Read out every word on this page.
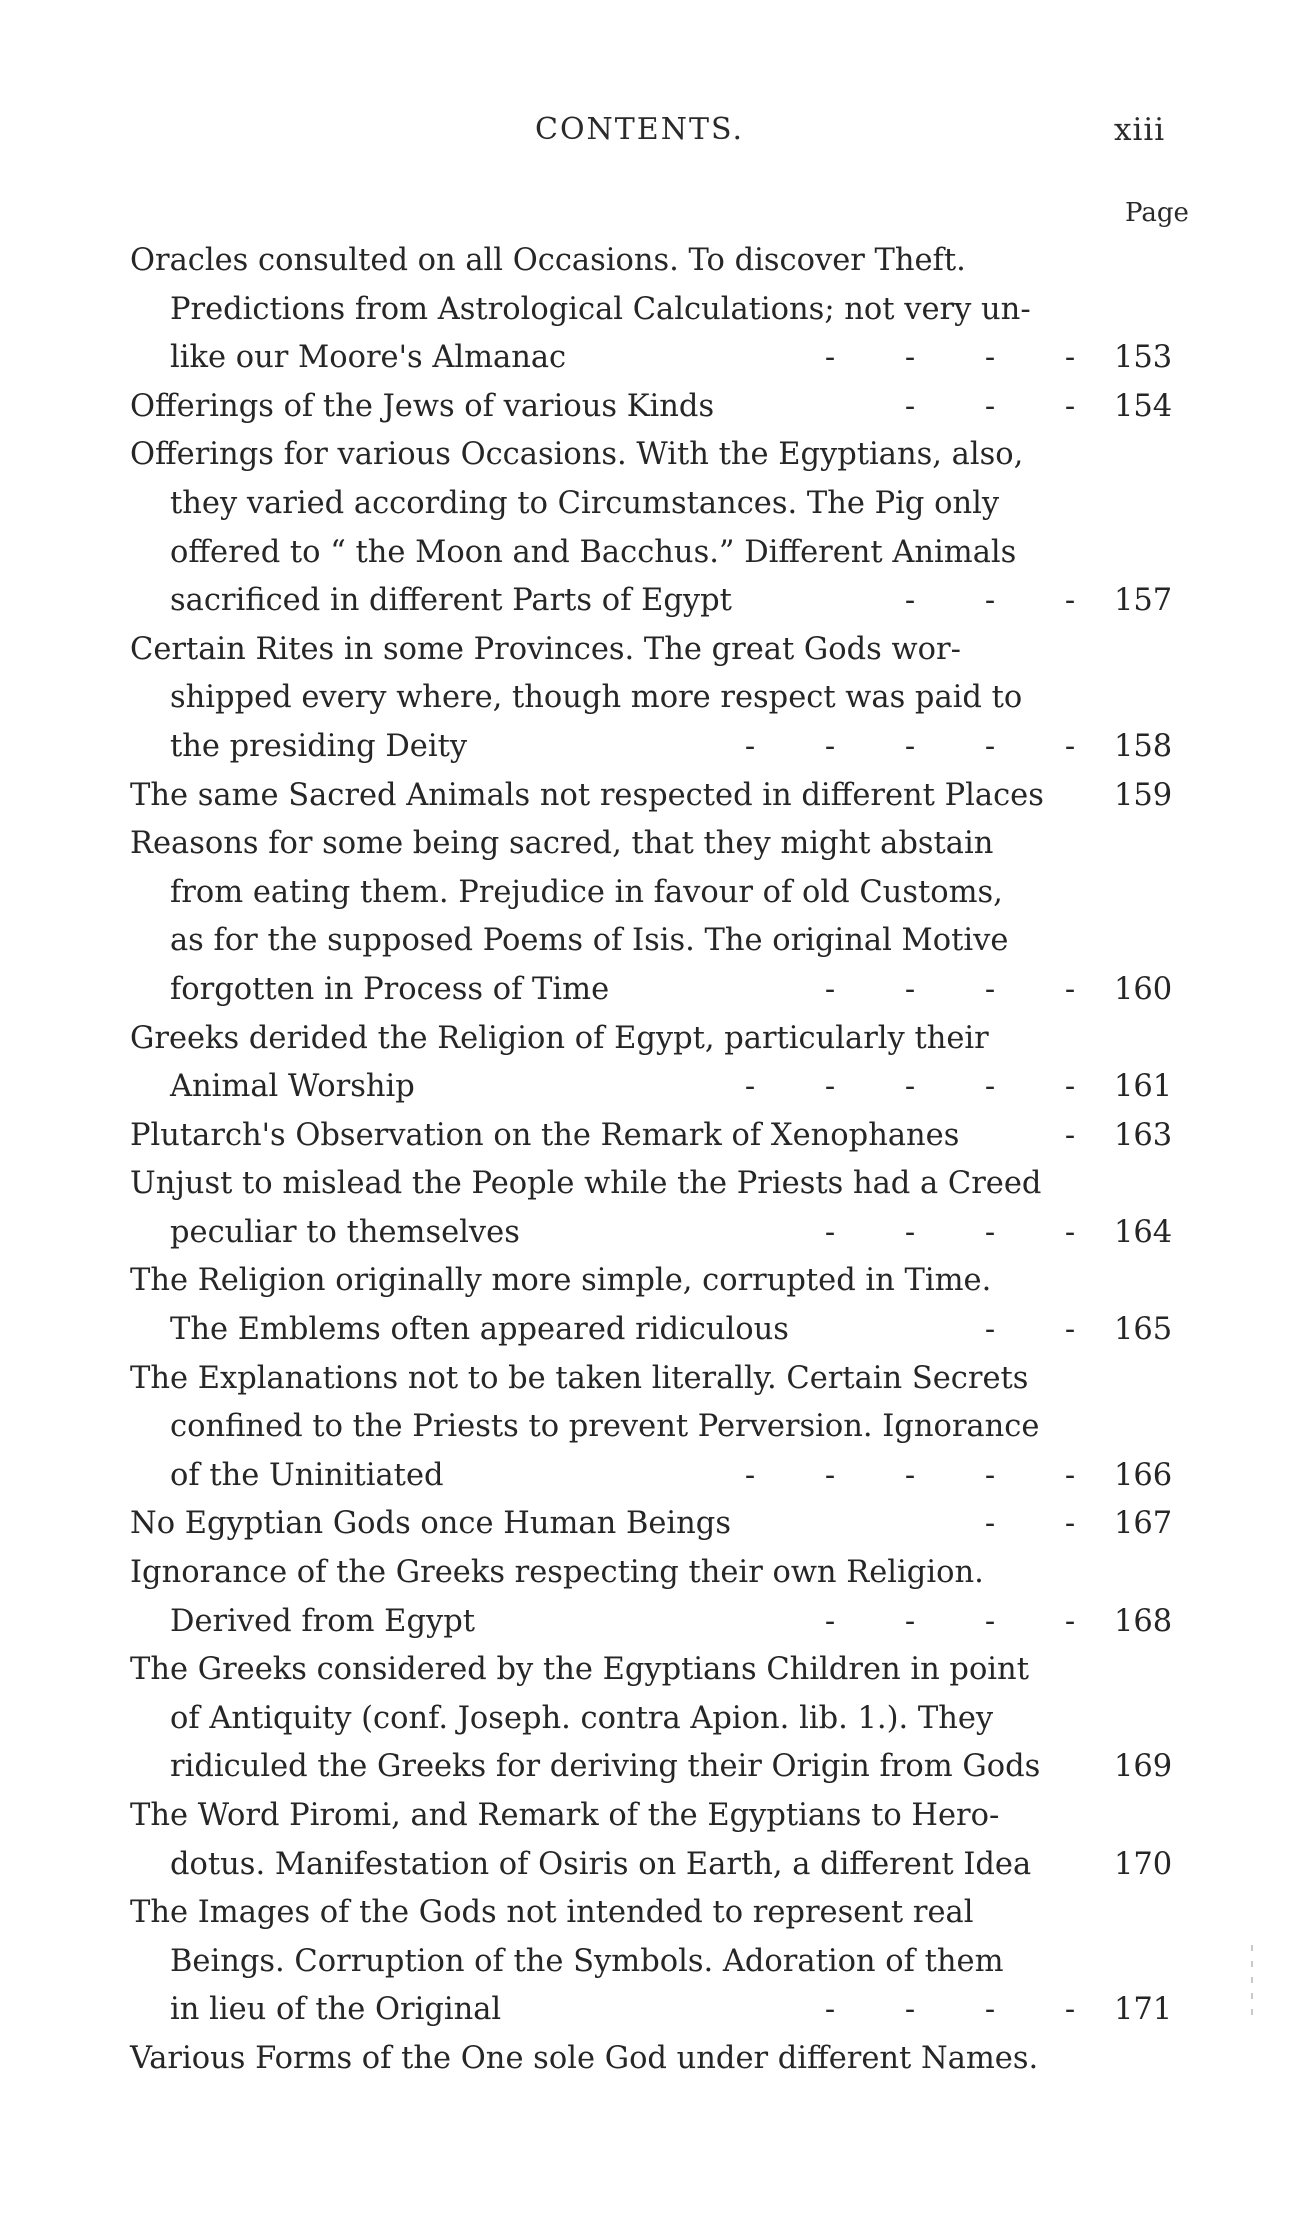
CONTENTS.	xiii
Page
Oracles consulted on all Occasions. To discover Theft.
Predictions from Astrological Calculations; not very un-
like our Moore's Almanac	- - - -	153
Offerings of the Jews of various Kinds	- - -	154
Offerings for various Occasions. With the Egyptians, also,
they varied according to Circumstances. The Pig only
offered to “ the Moon and Bacchus.” Different Animals
sacrificed in different Parts of Egypt	- - -	157
Certain Rites in some Provinces. The great Gods wor-
shipped every where, though more respect was paid to
the presiding Deity	- - - - -	158
The same Sacred Animals not respected in different Places 159
Reasons for some being sacred, that they might abstain
from eating them. Prejudice in favour of old Customs,
as for the supposed Poems of Isis. The original Motive
forgotten in Process of Time	- - - -	160
Greeks derided the Religion of Egypt, particularly their
Animal Worship	- - - - -	161
Plutarch's Observation on the Remark of Xenophanes	-	163
Unjust to mislead the People while the Priests had a Creed
peculiar to themselves	- - - -	164
The Religion originally more simple, corrupted in Time.
The Emblems often appeared ridiculous	- -	165
The Explanations not to be taken literally. Certain Secrets
confined to the Priests to prevent Perversion. Ignorance
of the Uninitiated	- - - - -	166
No Egyptian Gods once Human Beings	- -	167
Ignorance of the Greeks respecting their own Religion.
Derived from Egypt	- - - -	168
The Greeks considered by the Egyptians Children in point
of Antiquity (conf. Joseph. contra Apion. lib. 1.). They
ridiculed the Greeks for deriving their Origin from Gods 169
The Word Piromi, and Remark of the Egyptians to Hero-
dotus. Manifestation of Osiris on Earth, a different Idea	170
The Images of the Gods not intended to represent real
Beings. Corruption of the Symbols. Adoration of them
in lieu of the Original	- - - -	171
Various Forms of the One sole God under different Names.
